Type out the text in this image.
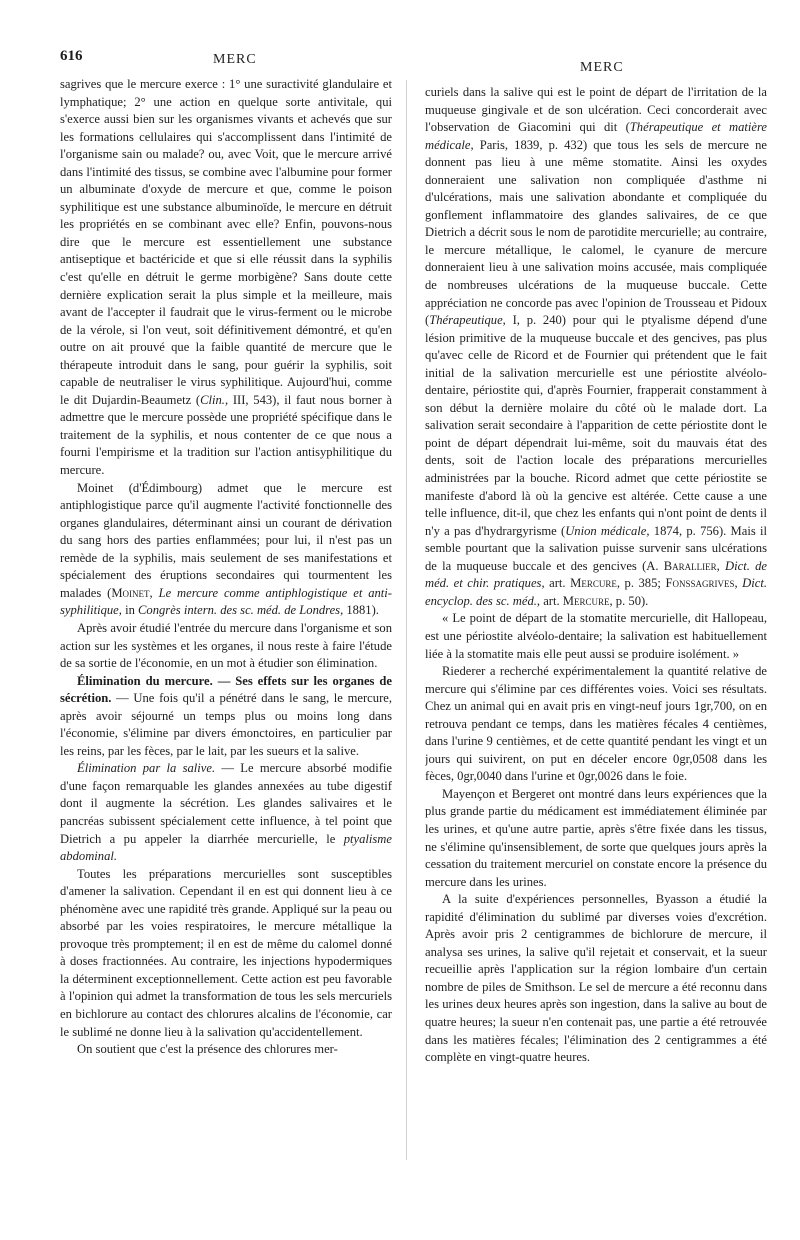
616	MERC
MERC

sagrives que le mercure exerce : 1° une suractivité glandulaire et lymphatique; 2° une action en quelque sorte antivitale, qui s'exerce aussi bien sur les organismes vivants et achevés que sur les formations cellulaires qui s'accomplissent dans l'intimité de l'organisme sain ou malade? ou, avec Voit, que le mercure arrivé dans l'intimité des tissus, se combine avec l'albumine pour former un albuminate d'oxyde de mercure et que, comme le poison syphilitique est une substance albuminoïde, le mercure en détruit les propriétés en se combinant avec elle? Enfin, pouvons-nous dire que le mercure est essentiellement une substance antiseptique et bactéricide et que si elle réussit dans la syphilis c'est qu'elle en détruit le germe morbigène? Sans doute cette dernière explication serait la plus simple et la meilleure, mais avant de l'accepter il faudrait que le virus-ferment ou le microbe de la vérole, si l'on veut, soit définitivement démontré, et qu'en outre on ait prouvé que la faible quantité de mercure que le thérapeute introduit dans le sang, pour guérir la syphilis, soit capable de neutraliser le virus syphilitique. Aujourd'hui, comme le dit Dujardin-Beaumetz (Clin., III, 543), il faut nous borner à admettre que le mercure possède une propriété spécifique dans le traitement de la syphilis, et nous contenter de ce que nous a fourni l'empirisme et la tradition sur l'action antisyphilitique du mercure.

Moinet (d'Édimbourg) admet que le mercure est antiphlogistique parce qu'il augmente l'activité fonctionnelle des organes glandulaires, déterminant ainsi un courant de dérivation du sang hors des parties enflammées; pour lui, il n'est pas un remède de la syphilis, mais seulement de ses manifestations et spécialement des éruptions secondaires qui tourmentent les malades (Moinet, Le mercure comme antiphlogistique et anti-syphilitique, in Congrès intern. des sc. méd. de Londres, 1881).

Après avoir étudié l'entrée du mercure dans l'organisme et son action sur les systèmes et les organes, il nous reste à faire l'étude de sa sortie de l'économie, en un mot à étudier son élimination.

Élimination du mercure. — Ses effets sur les organes de sécrétion. — Une fois qu'il a pénétré dans le sang, le mercure, après avoir séjourné un temps plus ou moins long dans l'économie, s'élimine par divers émonctoires, en particulier par les reins, par les fèces, par le lait, par les sueurs et la salive.

Élimination par la salive. — Le mercure absorbé modifie d'une façon remarquable les glandes annexées au tube digestif dont il augmente la sécrétion. Les glandes salivaires et le pancréas subissent spécialement cette influence, à tel point que Dietrich a pu appeler la diarrhée mercurielle, le ptyalisme abdominal.

Toutes les préparations mercurielles sont susceptibles d'amener la salivation. Cependant il en est qui donnent lieu à ce phénomène avec une rapidité très grande. Appliqué sur la peau ou absorbé par les voies respiratoires, le mercure métallique la provoque très promptement; il en est de même du calomel donné à doses fractionnées. Au contraire, les injections hypodermiques la déterminent exceptionnellement. Cette action est peu favorable à l'opinion qui admet la transformation de tous les sels mercuriels en bichlorure au contact des chlorures alcalins de l'économie, car le sublimé ne donne lieu à la salivation qu'accidentellement.

On soutient que c'est la présence des chlorures mer-

curiels dans la salive qui est le point de départ de l'irritation de la muqueuse gingivale et de son ulcération. Ceci concorderait avec l'observation de Giacomini qui dit (Thérapeutique et matière médicale, Paris, 1839, p. 432) que tous les sels de mercure ne donnent pas lieu à une même stomatite. Ainsi les oxydes donneraient une salivation non compliquée d'asthme ni d'ulcérations, mais une salivation abondante et compliquée du gonflement inflammatoire des glandes salivaires, de ce que Dietrich a décrit sous le nom de parotidite mercurielle; au contraire, le mercure métallique, le calomel, le cyanure de mercure donneraient lieu à une salivation moins accusée, mais compliquée de nombreuses ulcérations de la muqueuse buccale. Cette appréciation ne concorde pas avec l'opinion de Trousseau et Pidoux (Thérapeutique, I, p. 240) pour qui le ptyalisme dépend d'une lésion primitive de la muqueuse buccale et des gencives, pas plus qu'avec celle de Ricord et de Fournier qui prétendent que le fait initial de la salivation mercurielle est une périostite alvéolo-dentaire, périostite qui, d'après Fournier, frapperait constamment à son début la dernière molaire du côté où le malade dort. La salivation serait secondaire à l'apparition de cette périostite dont le point de départ dépendrait lui-même, soit du mauvais état des dents, soit de l'action locale des préparations mercurielles administrées par la bouche. Ricord admet que cette périostite se manifeste d'abord là où la gencive est altérée. Cette cause a une telle influence, dit-il, que chez les enfants qui n'ont point de dents il n'y a pas d'hydrargyrisme (Union médicale, 1874, p. 756). Mais il semble pourtant que la salivation puisse survenir sans ulcérations de la muqueuse buccale et des gencives (A. Barallier, Dict. de méd. et chir. pratiques, art. Mercure, p. 385; Fonssagrives, Dict. encyclop. des sc. méd., art. Mercure, p. 50).

« Le point de départ de la stomatite mercurielle, dit Hallopeau, est une périostite alvéolo-dentaire; la salivation est habituellement liée à la stomatite mais elle peut aussi se produire isolément. »

Riederer a recherché expérimentalement la quantité relative de mercure qui s'élimine par ces différentes voies. Voici ses résultats. Chez un animal qui en avait pris en vingt-neuf jours 1gr,700, on en retrouva pendant ce temps, dans les matières fécales 4 centièmes, dans l'urine 9 centièmes, et de cette quantité pendant les vingt et un jours qui suivirent, on put en déceler encore 0gr,0508 dans les fèces, 0gr,0040 dans l'urine et 0gr,0026 dans le foie.

Mayençon et Bergeret ont montré dans leurs expériences que la plus grande partie du médicament est immédiatement éliminée par les urines, et qu'une autre partie, après s'être fixée dans les tissus, ne s'élimine qu'insensiblement, de sorte que quelques jours après la cessation du traitement mercuriel on constate encore la présence du mercure dans les urines.

A la suite d'expériences personnelles, Byasson a étudié la rapidité d'élimination du sublimé par diverses voies d'excrétion. Après avoir pris 2 centigrammes de bichlorure de mercure, il analysa ses urines, la salive qu'il rejetait et conservait, et la sueur recueillie après l'application sur la région lombaire d'un certain nombre de piles de Smithson. Le sel de mercure a été reconnu dans les urines deux heures après son ingestion, dans la salive au bout de quatre heures; la sueur n'en contenait pas, une partie a été retrouvée dans les matières fécales; l'élimination des 2 centigrammes a été complète en vingt-quatre heures.
